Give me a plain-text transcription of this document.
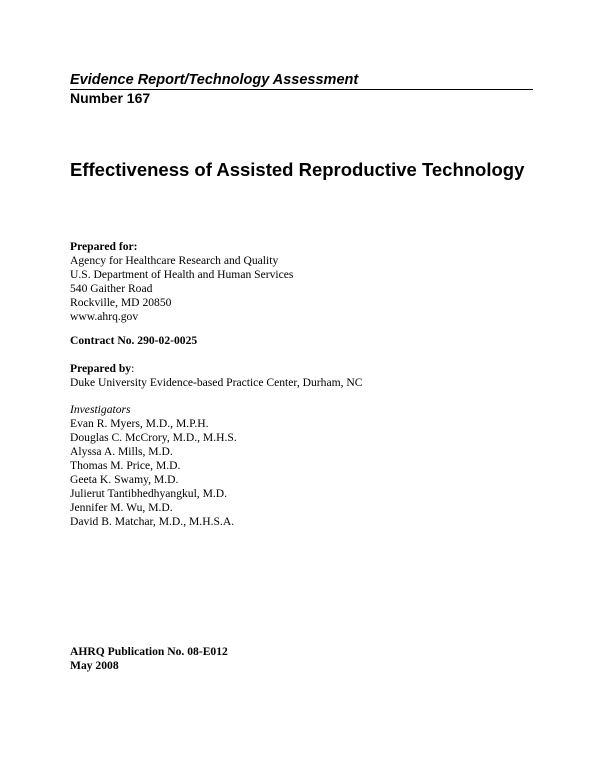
Evidence Report/Technology Assessment
Number 167
Effectiveness of Assisted Reproductive Technology
Prepared for:
Agency for Healthcare Research and Quality
U.S. Department of Health and Human Services
540 Gaither Road
Rockville, MD 20850
www.ahrq.gov
Contract No. 290-02-0025
Prepared by:
Duke University Evidence-based Practice Center, Durham, NC
Investigators
Evan R. Myers, M.D., M.P.H.
Douglas C. McCrory, M.D., M.H.S.
Alyssa A. Mills, M.D.
Thomas M. Price, M.D.
Geeta K. Swamy, M.D.
Julierut Tantibhedhyangkul, M.D.
Jennifer M. Wu, M.D.
David B. Matchar, M.D., M.H.S.A.
AHRQ Publication No. 08-E012
May 2008
